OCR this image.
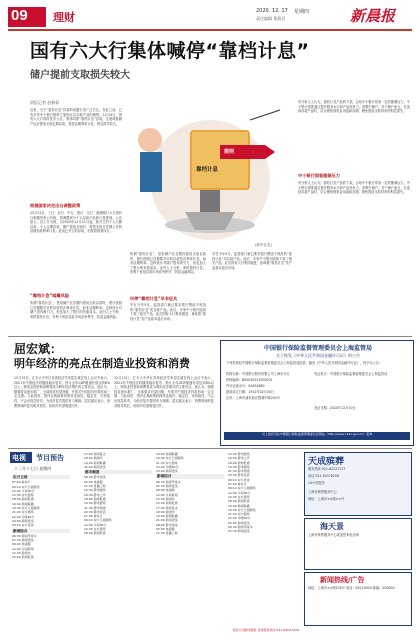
09 理财	2020. 12. 17 星期四
责任编辑 郑燕君	新晨报
国有六大行集体喊停“靠档计息”
储户提前支取损失较大
晨报记者 赵新彩
近来，关于“靠档计息”存款的话题引发广泛关注。在此之前，已有多家中小银行暂停了靠档计息存款产品的销售。12月9日，国有六大行同时发布公告，集体叫停“靠档计息”存款。这意味着储户以后提前支取定期存款，将按活期利率计息，利息损失较大。
根据国家决定出台调整政策
12月11日，工行、农行、中行、建行、交行、邮储银行六大国有行相继发布公告称，将调整部分个人存款产品的计息规则。公告显示，以工行为例，自2020年12月21日起，新开立的个人大额存单、个人定期存款，储户提前支取时，将按支取日挂牌公告的活期存款利率计息；此前已开立的存款，仍按原规则执行。
“靠档计息”暗藏风险
所谓“靠档计息”，是指储户在存期内提前支取存款时，银行按照已存期限对应的存款档次利率计息，而非活期利率。这种设计对储户很有吸引力，但也加大了银行的负债成本。业内人士分析，叫停靠档计息，有利于规范存款市场竞争秩序，防范金融风险。
定期存款
规则
靠档计息
(新华社发)
所谓“靠档计息”，是指储户在存期内提前支取存款时，银行按照已存期限对应的存款档次利率计息，而非活期利率。这种设计对储户很有吸引力，但也加大了银行的负债成本。业内人士分析，叫停靠档计息，有利于规范存款市场竞争秩序，防范金融风险。
叫停“靠档计息”早有征兆
早在今年5月，监管部门就已要求银行整改不规范的“靠档计息”类存款产品。此后，多家中小银行陆续下架了相关产品。此次国有大行集体跟进，意味着“靠档计息”类产品基本退出市场。
早在今年5月，监管部门就已要求银行整改不规范的“靠档计息”类存款产品。此后，多家中小银行陆续下架了相关产品。此次国有大行集体跟进，意味着“靠档计息”类产品基本退出市场。
有分析人士认为，靠档计息产品的下架，会给中小银行带来一定的揽储压力，中小银行需要通过提升服务水平和产品竞争力，来吸引储户。对于储户而言，在选择存款产品时，应合理规划资金用途和存期，避免提前支取带来的利息损失。
中小银行面临揽储压力
有分析人士认为，靠档计息产品的下架，会给中小银行带来一定的揽储压力，中小银行需要通过提升服务水平和产品竞争力，来吸引储户。对于储户而言，在选择存款产品时，应合理规划资金用途和存期，避免提前支取带来的利息损失。
屈宏斌：
明年经济的亮点在制造业投资和消费
12月15日，汇丰大中华区首席经济学家屈宏斌在线上会议中表示，2021年中国经济将继续稳步复苏，预计全年GDP增速有望达到8%以上。制造业投资和消费将成为明年经济增长的主要亮点。他认为，随着疫苗逐步推广，全球需求有望回暖，外需对中国经济仍将形成一定支撑。与此同时，国内宏观政策将保持连续性、稳定性、可持续性，不会出现急转弯，为经济复苏提供有力保障。屈宏斌还表示，消费领域的复苏相对滞后，但明年有望明显回升。
12月15日，汇丰大中华区首席经济学家屈宏斌在线上会议中表示，2021年中国经济将继续稳步复苏，预计全年GDP增速有望达到8%以上。制造业投资和消费将成为明年经济增长的主要亮点。他认为，随着疫苗逐步推广，全球需求有望回暖，外需对中国经济仍将形成一定支撑。与此同时，国内宏观政策将保持连续性、稳定性、可持续性，不会出现急转弯，为经济复苏提供有力保障。屈宏斌还表示，消费领域的复苏相对滞后，但明年有望明显回升。
中国银行保险监督管理委员会上海监管局
关于换发《中华人民共和国金融许可证》的公告
下列机构经中国银行保险监督管理委员会上海监管局批准，换发《中华人民共和国金融许可证》，现予以公告：
机构名称：中国银行股份有限公司上海市分行
机构编码：B0003S231000001
许可证流水号：00634860
批准成立日期：1912年02月05日
住所：上海市浦东新区银城中路200号
发证机关：中国银行保险监督管理委员会上海监管局
发证日期：2020年12月10日
以上信息可在中国银行保险监督管理委员会网站（http://www.cbirc.gov.cn）查询
电视 节目预告
十二月十七日 星期四
东方卫视
07:00 看东方
09:10 东方卫视剧场
12:00 午间30分
12:30 东方剧场
18:00 新闻报道
19:00 新闻联播
19:30 东方卫视剧场
21:20 东方剧场
22:00 今晚60分
23:00 新闻夜线
00:10 东方夜谈
新闻综合
06:30 新闻早班车
07:30 新闻夜线
09:00 电视剧
12:00 午间新闻
12:30 新闻坊
15:00 新闻报道
17:00 新闻直击
18:00 新闻坊
19:00 新闻联播
21:00 新闻夜线
都市频道
08:00 都市热线
09:00 电视剧
11:30 直播上海
12:30 都市剧场
16:30 都市之声
18:00 新闻报道
19:30 都市剧场
21:30 都市频道
22:30 都市夜话
07:00 看东方
09:10 东方卫视剧场
12:00 午间30分
12:30 东方剧场
18:00 新闻报道
19:00 新闻联播
19:30 东方卫视剧场
21:20 东方剧场
22:00 今晚60分
23:00 新闻夜线
新闻综合
06:30 新闻早班车
07:30 新闻夜线
09:00 电视剧
12:00 午间新闻
12:30 新闻坊
15:00 新闻报道
17:00 新闻直击
18:00 新闻坊
19:00 新闻联播
21:00 新闻夜线
08:00 都市热线
09:00 电视剧
11:30 直播上海
12:30 都市剧场
16:30 都市之声
18:00 新闻报道
19:30 都市剧场
21:30 都市频道
22:30 都市夜话
00:10 东方夜谈
07:00 看东方
09:10 东方卫视剧场
12:00 午间30分
12:30 东方剧场
18:00 新闻报道
19:00 新闻联播
19:30 东方卫视剧场
21:20 东方剧场
22:00 今晚60分
23:00 新闻夜线
06:30 新闻早班车
07:30 新闻夜线
天成殡葬
服务热线 021-62221717
电话 021-54378208
24小时服务
上海市殡葬服务中心
地址：上海市××路××号
海天景
上海市殡葬服务中心欢迎您来电咨询
新闻热线/广告
地址：上海市××路100号 电话：63213000 邮编：200000
欢迎订阅新闻晨报 读者服务热线 021-6800 5000
